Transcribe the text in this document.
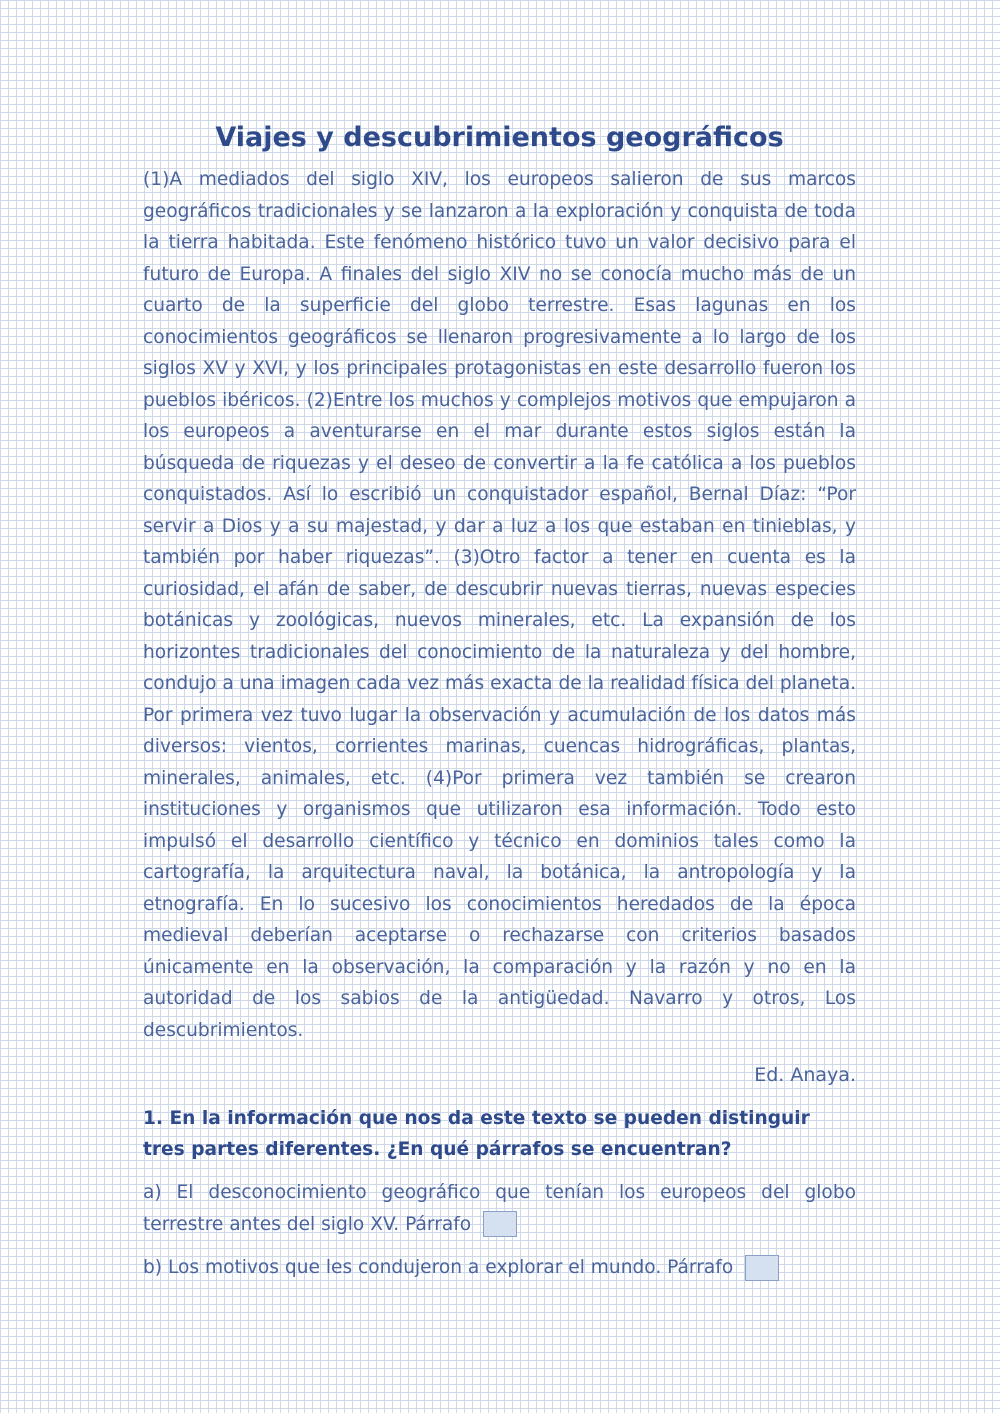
Viajes y descubrimientos geográficos

(1)A mediados del siglo XIV, los europeos salieron de sus marcos geográficos tradicionales y se lanzaron a la exploración y conquista de toda la tierra habitada. Este fenómeno histórico tuvo un valor decisivo para el futuro de Europa. A finales del siglo XIV no se conocía mucho más de un cuarto de la superficie del globo terrestre. Esas lagunas en los conocimientos geográficos se llenaron progresivamente a lo largo de los siglos XV y XVI, y los principales protagonistas en este desarrollo fueron los pueblos ibéricos. (2)Entre los muchos y complejos motivos que empujaron a los europeos a aventurarse en el mar durante estos siglos están la búsqueda de riquezas y el deseo de convertir a la fe católica a los pueblos conquistados. Así lo escribió un conquistador español, Bernal Díaz: “Por servir a Dios y a su majestad, y dar a luz a los que estaban en tinieblas, y también por haber riquezas”. (3)Otro factor a tener en cuenta es la curiosidad, el afán de saber, de descubrir nuevas tierras, nuevas especies botánicas y zoológicas, nuevos minerales, etc. La expansión de los horizontes tradicionales del conocimiento de la naturaleza y del hombre, condujo a una imagen cada vez más exacta de la realidad física del planeta. Por primera vez tuvo lugar la observación y acumulación de los datos más diversos: vientos, corrientes marinas, cuencas hidrográficas, plantas, minerales, animales, etc. (4)Por primera vez también se crearon instituciones y organismos que utilizaron esa información. Todo esto impulsó el desarrollo científico y técnico en dominios tales como la cartografía, la arquitectura naval, la botánica, la antropología y la etnografía. En lo sucesivo los conocimientos heredados de la época medieval deberían aceptarse o rechazarse con criterios basados únicamente en la observación, la comparación y la razón y no en la autoridad de los sabios de la antigüedad. Navarro y otros, Los descubrimientos.

Ed. Anaya.

1. En la información que nos da este texto se pueden distinguir tres partes diferentes. ¿En qué párrafos se encuentran?

a) El desconocimiento geográfico que tenían los europeos del globo terrestre antes del siglo XV. Párrafo

b) Los motivos que les condujeron a explorar el mundo. Párrafo
